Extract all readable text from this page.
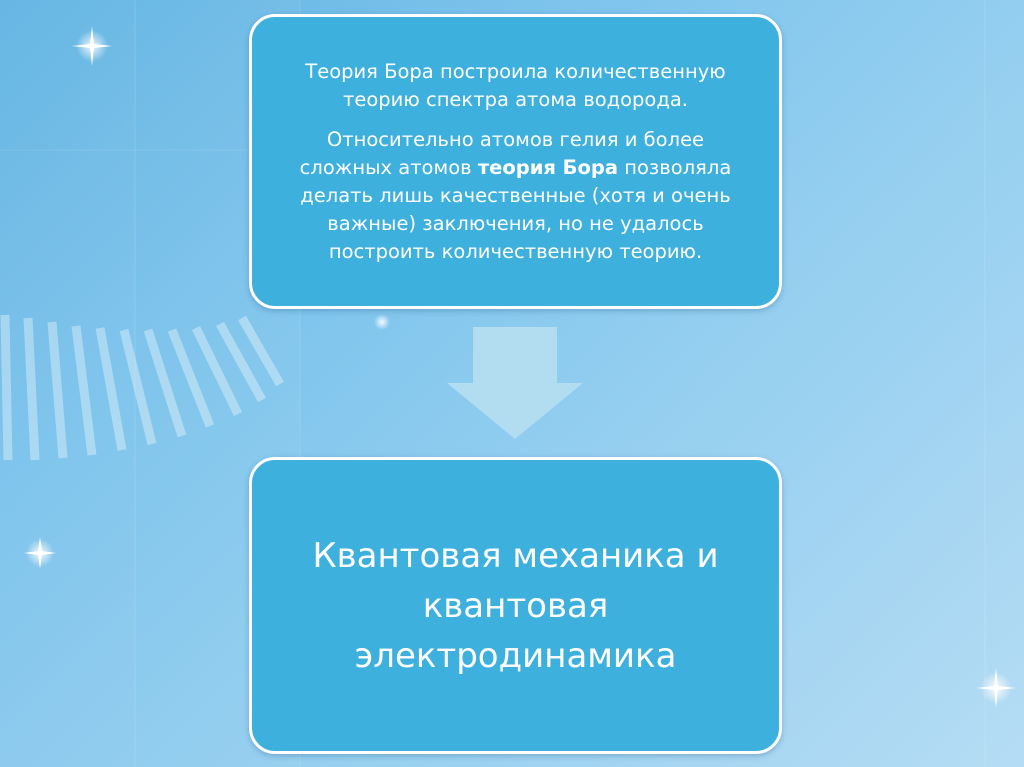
Теория Бора построила количественную теорию спектра атома водорода.

Относительно атомов гелия и более сложных атомов теория Бора позволяла делать лишь качественные (хотя и очень важные) заключения, но не удалось построить количественную теорию.

Квантовая механика и квантовая электродинамика
